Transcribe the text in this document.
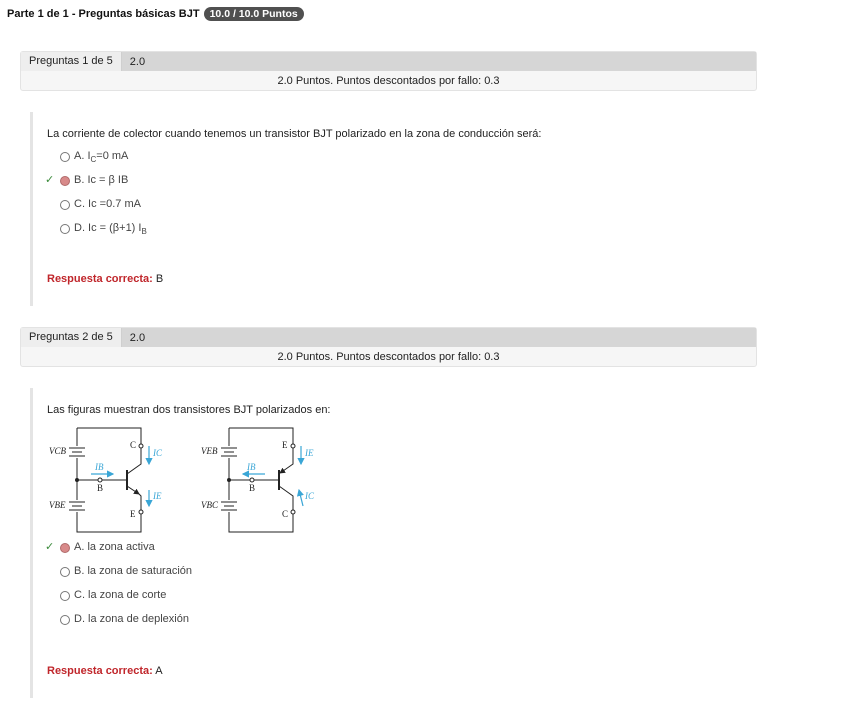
Parte 1 de 1 - Preguntas básicas BJT 10.0 / 10.0 Puntos
Preguntas 1 de 5	2.0
2.0 Puntos. Puntos descontados por fallo: 0.3
La corriente de colector cuando tenemos un transistor BJT polarizado en la zona de conducción será:
A. $I_C=0$ mA
✓ B. Ic = β IB
C. Ic =0.7 mA
D. Ic = (β+1) $I_B$
Respuesta correcta: B
Preguntas 2 de 5	2.0
2.0 Puntos. Puntos descontados por fallo: 0.3
Las figuras muestran dos transistores BJT polarizados en:
VCB
VBE
C
B
E
IC
IB
IE
VEB
VBC
E
B
C
IE
IB
IC
✓ A. la zona activa
B. la zona de saturación
C. la zona de corte
D. la zona de deplexión
Respuesta correcta: A
